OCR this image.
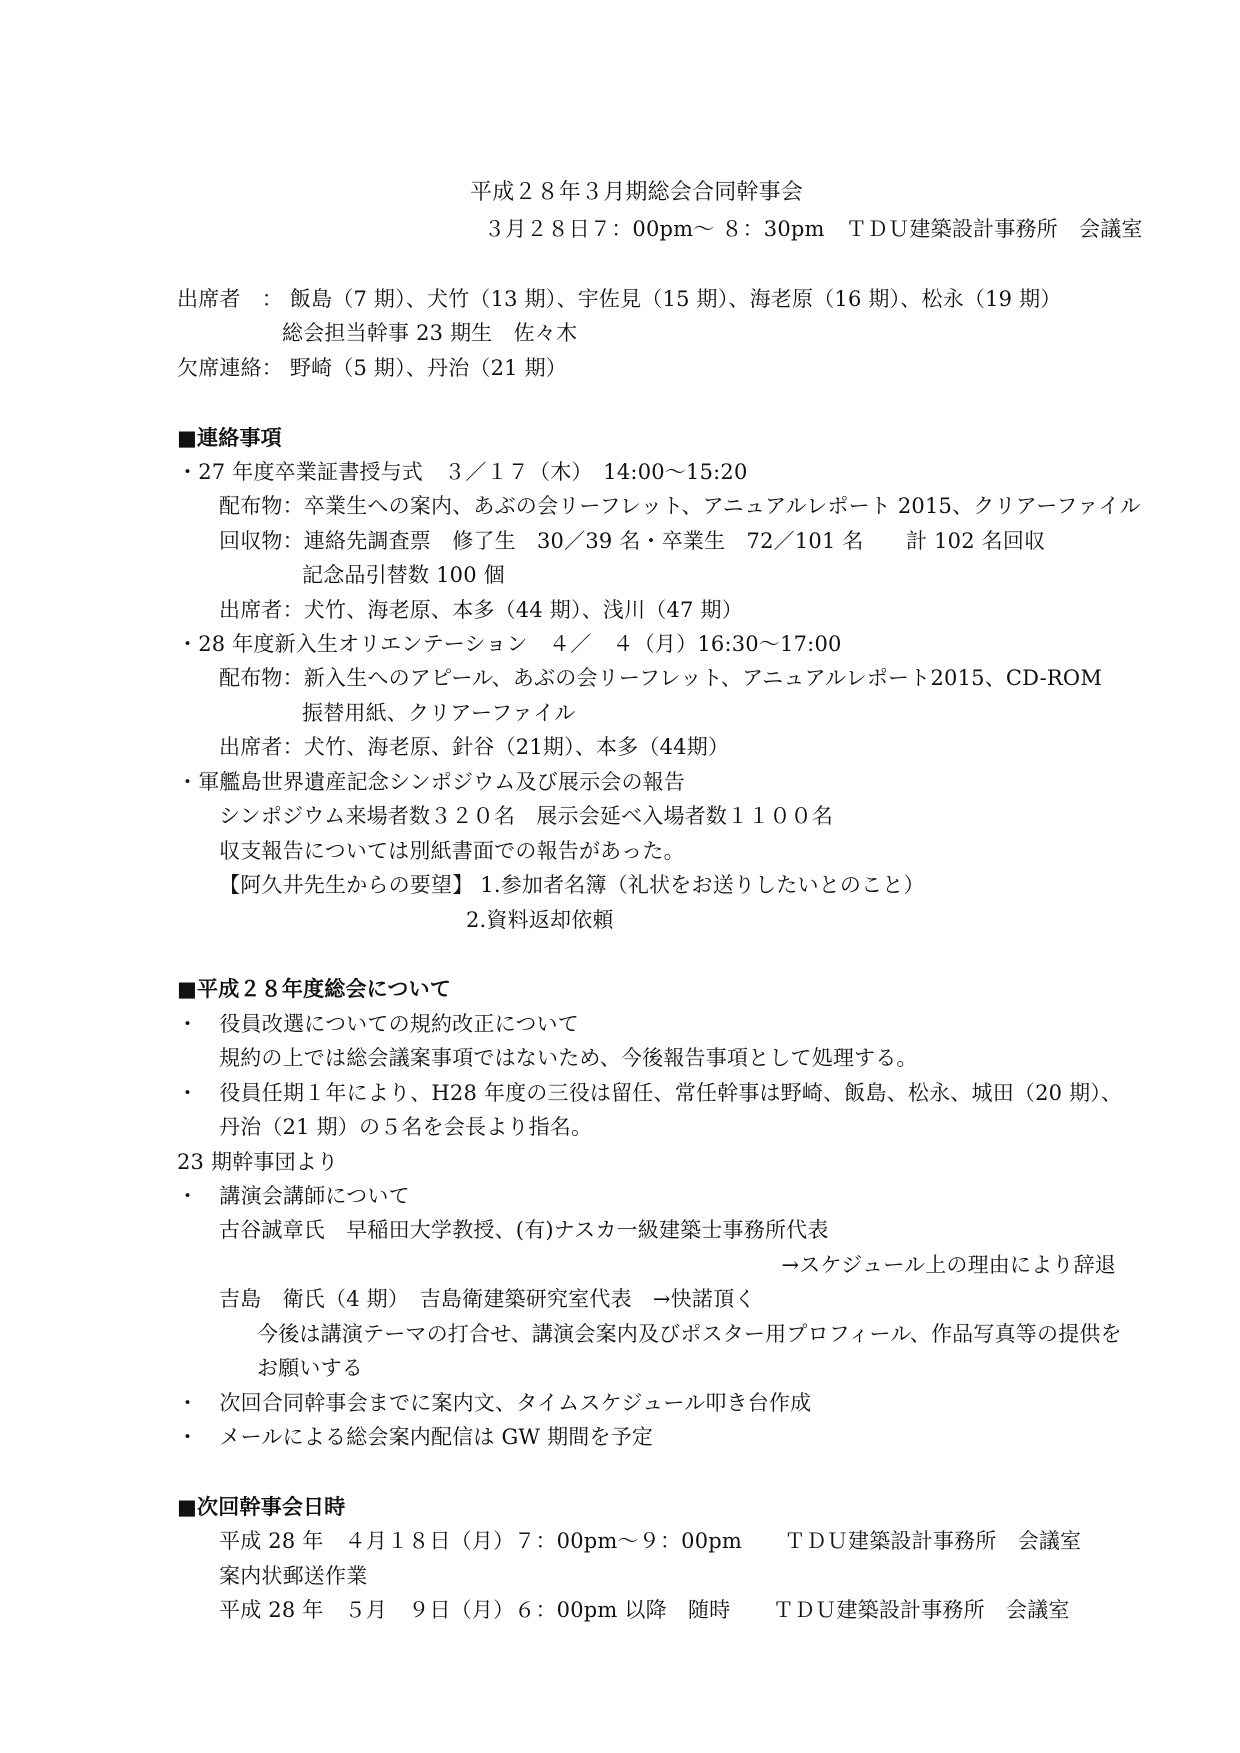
平成２８年３月期総会合同幹事会
３月２８日７：00pm～ ８：30pm　ＴＤＵ建築設計事務所　会議室
出席者　： 飯島（7 期）、犬竹（13 期）、宇佐見（15 期）、海老原（16 期）、松永（19 期）
総会担当幹事 23 期生　佐々木
欠席連絡： 野崎（5 期）、丹治（21 期）
■連絡事項
・27 年度卒業証書授与式　３／１７（木）　14:00～15:20
配布物：卒業生への案内、あぶの会リーフレット、アニュアルレポート 2015、クリアーファイル
回収物：連絡先調査票　修了生　30／39 名・卒業生　72／101 名　　計 102 名回収
記念品引替数 100 個
出席者：犬竹、海老原、本多（44 期）、浅川（47 期）
・28 年度新入生オリエンテーション　４／　４（月）16:30～17:00
配布物：新入生へのアピール、あぶの会リーフレット、アニュアルレポート2015、CD-ROM
振替用紙、クリアーファイル
出席者：犬竹、海老原、針谷（21期）、本多（44期）
・軍艦島世界遺産記念シンポジウム及び展示会の報告
シンポジウム来場者数３２０名　展示会延べ入場者数１１００名
収支報告については別紙書面での報告があった。
【阿久井先生からの要望】 1.参加者名簿（礼状をお送りしたいとのこと）
2.資料返却依頼
■平成２８年度総会について
・　役員改選についての規約改正について
規約の上では総会議案事項ではないため、今後報告事項として処理する。
・　役員任期１年により、H28 年度の三役は留任、常任幹事は野崎、飯島、松永、城田（20 期）、
丹治（21 期）の５名を会長より指名。
23 期幹事団より
・　講演会講師について
古谷誠章氏　早稲田大学教授、(有)ナスカ一級建築士事務所代表
→スケジュール上の理由により辞退
吉島　衛氏（4 期）　吉島衛建築研究室代表　→快諾頂く
今後は講演テーマの打合せ、講演会案内及びポスター用プロフィール、作品写真等の提供を
お願いする
・　次回合同幹事会までに案内文、タイムスケジュール叩き台作成
・　メールによる総会案内配信は GW 期間を予定
■次回幹事会日時
平成 28 年　４月１８日（月）７：00pm～９：00pm　　ＴＤＵ建築設計事務所　会議室
案内状郵送作業
平成 28 年　５月　９日（月）６：00pm 以降　随時　　ＴＤＵ建築設計事務所　会議室
